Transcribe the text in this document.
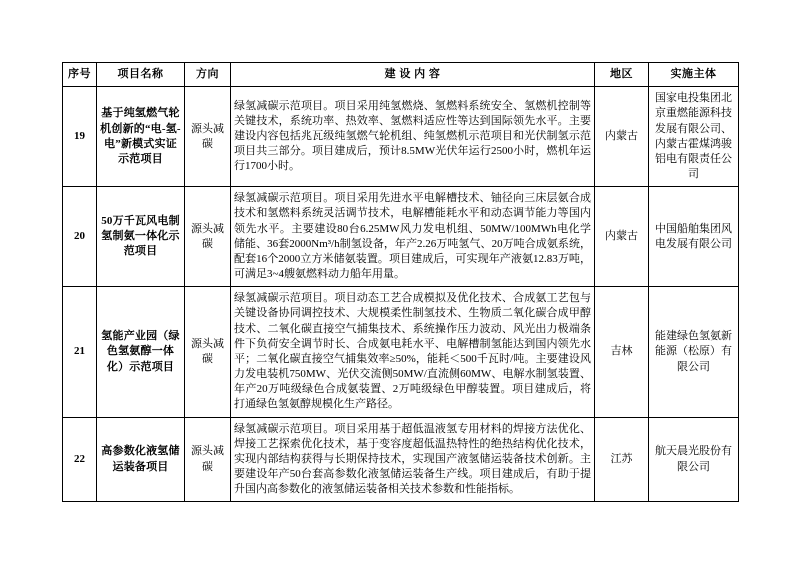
序号	项目名称	方向	建 设 内 容	地区	实施主体
19	基于纯氢燃气轮机创新的“电-氢-电”新模式实证示范项目	源头减碳	绿氢减碳示范项目。项目采用纯氢燃烧、氢燃料系统安全、氢燃机控制等关键技术，系统功率、热效率、氢燃料适应性等达到国际领先水平。主要建设内容包括兆瓦级纯氢燃气轮机组、纯氢燃机示范项目和光伏制氢示范项目共三部分。项目建成后，预计8.5MW光伏年运行2500小时，燃机年运行1700小时。	内蒙古	国家电投集团北京重燃能源科技发展有限公司、内蒙古霍煤鸿骏铝电有限责任公司
20	50万千瓦风电制氢制氨一体化示范项目	源头减碳	绿氢减碳示范项目。项目采用先进水平电解槽技术、铀径向三床层氨合成技术和氢燃料系统灵活调节技术，电解槽能耗水平和动态调节能力等国内领先水平。主要建设80台6.25MW风力发电机组、50MW/100MWh电化学储能、36套2000Nm³/h制氢设备，年产2.26万吨氢气、20万吨合成氨系统，配套16个2000立方米储氨装置。项目建成后，可实现年产液氨12.83万吨，可满足3~4艘氨燃料动力船年用量。	内蒙古	中国船舶集团风电发展有限公司
21	氢能产业园（绿色氢氨醇一体化）示范项目	源头减碳	绿氢减碳示范项目。项目动态工艺合成模拟及优化技术、合成氨工艺包与关键设备协同调控技术、大规模柔性制氢技术、生物质二氧化碳合成甲醇技术、二氧化碳直接空气捕集技术、系统操作压力波动、风光出力极端条件下负荷安全调节时长、合成氨电耗水平、电解槽制氢能达到国内领先水平；二氧化碳直接空气捕集效率≥50%，能耗＜500千瓦时/吨。主要建设风力发电装机750MW、光伏交流侧50MW/直流侧60MW、电解水制氢装置、年产20万吨级绿色合成氨装置、2万吨级绿色甲醇装置。项目建成后，将打通绿色氢氨醇规模化生产路径。	吉林	能建绿色氢氨新能源（松原）有限公司
22	高参数化液氢储运装备项目	源头减碳	绿氢减碳示范项目。项目采用基于超低温液氢专用材料的焊接方法优化、焊接工艺探索优化技术，基于变容度超低温热特性的绝热结构优化技术，实现内部结构获得与长期保持技术，实现国产液氢储运装备技术创新。主要建设年产50台套高参数化液氢储运装备生产线。项目建成后，有助于提升国内高参数化的液氢储运装备相关技术参数和性能指标。	江苏	航天晨光股份有限公司
